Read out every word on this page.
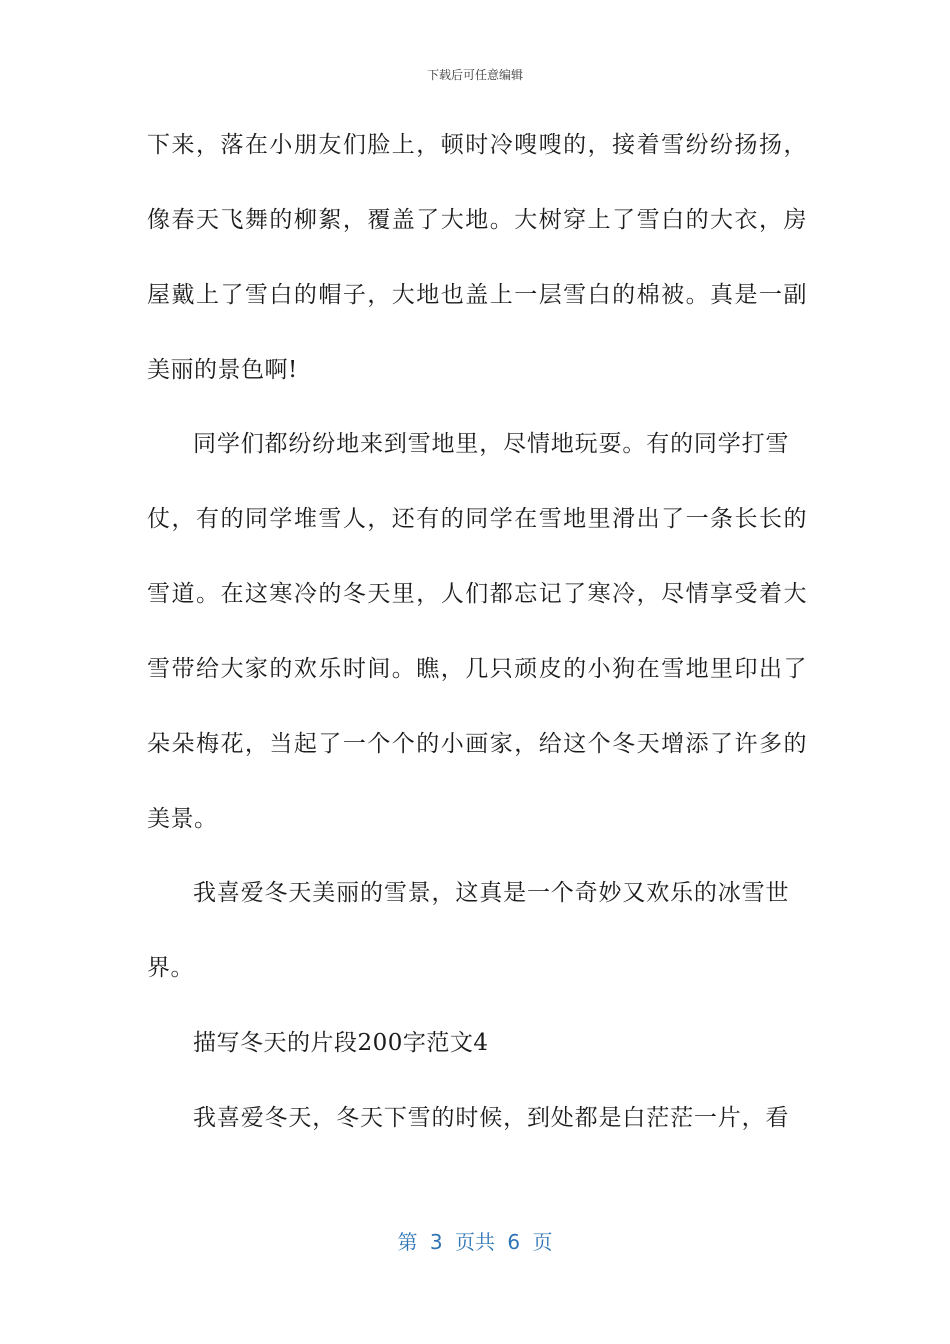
下载后可任意编辑
下来，落在小朋友们脸上，顿时冷嗖嗖的，接着雪纷纷扬扬，
像春天飞舞的柳絮，覆盖了大地。大树穿上了雪白的大衣，房
屋戴上了雪白的帽子，大地也盖上一层雪白的棉被。真是一副
美丽的景色啊!
同学们都纷纷地来到雪地里，尽情地玩耍。有的同学打雪
仗，有的同学堆雪人，还有的同学在雪地里滑出了一条长长的
雪道。在这寒冷的冬天里，人们都忘记了寒冷，尽情享受着大
雪带给大家的欢乐时间。瞧，几只顽皮的小狗在雪地里印出了
朵朵梅花，当起了一个个的小画家，给这个冬天增添了许多的
美景。
我喜爱冬天美丽的雪景，这真是一个奇妙又欢乐的冰雪世
界。
描写冬天的片段200字范文4
我喜爱冬天，冬天下雪的时候，到处都是白茫茫一片，看
第 3 页共 6 页
